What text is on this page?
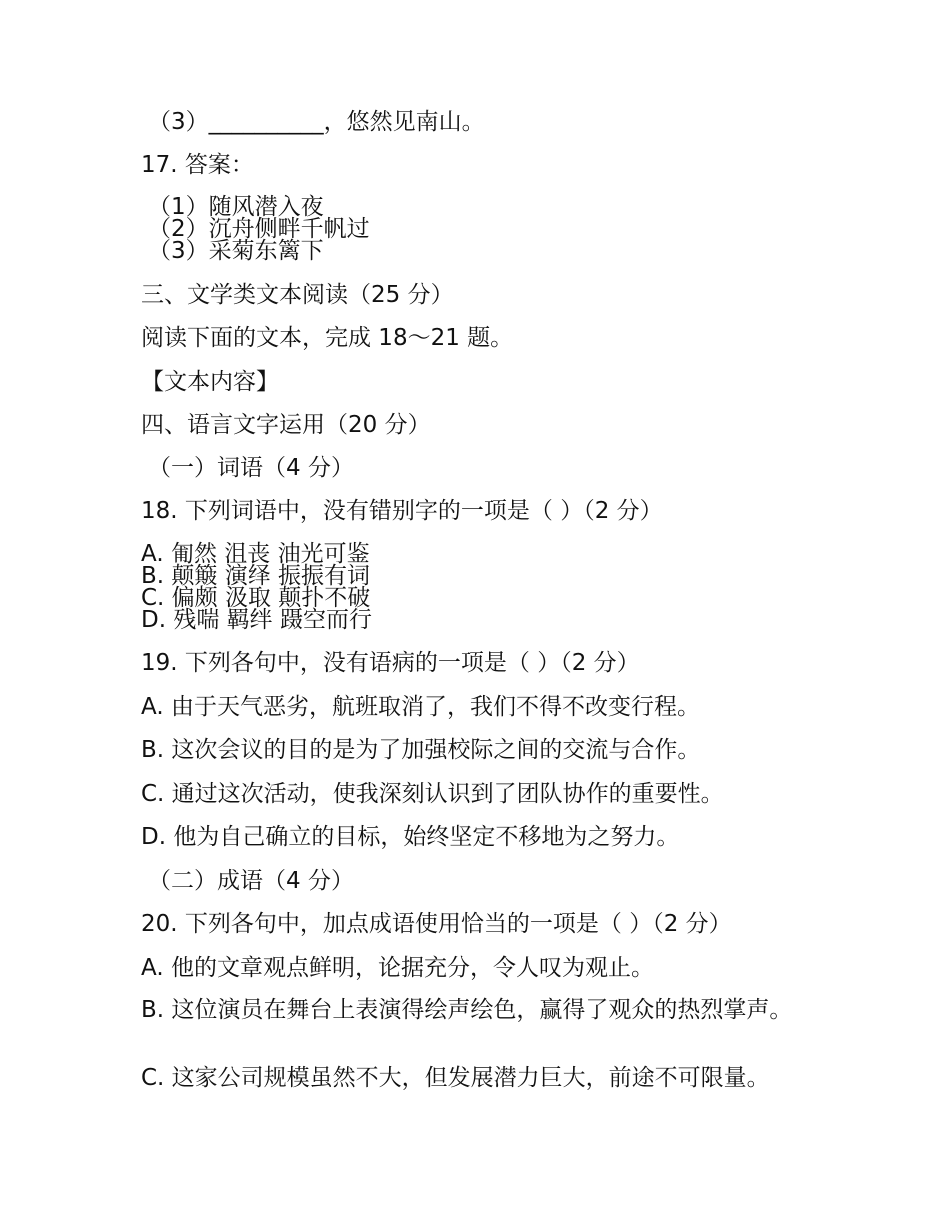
（3）__________，悠然见南山。
17. 答案：
（1）随风潜入夜
（2）沉舟侧畔千帆过
（3）采菊东篱下
三、文学类文本阅读（25 分）
阅读下面的文本，完成 18～21 题。
【文本内容】
四、语言文字运用（20 分）
（一）词语（4 分）
18. 下列词语中，没有错别字的一项是（ ）（2 分）
A. 匍然 沮丧 油光可鉴
B. 颠簸 演绎 振振有词
C. 偏颇 汲取 颠扑不破
D. 残喘 羁绊 蹑空而行
19. 下列各句中，没有语病的一项是（ ）（2 分）
A. 由于天气恶劣，航班取消了，我们不得不改变行程。
B. 这次会议的目的是为了加强校际之间的交流与合作。
C. 通过这次活动，使我深刻认识到了团队协作的重要性。
D. 他为自己确立的目标，始终坚定不移地为之努力。
（二）成语（4 分）
20. 下列各句中，加点成语使用恰当的一项是（ ）（2 分）
A. 他的文章观点鲜明，论据充分，令人叹为观止。
B. 这位演员在舞台上表演得绘声绘色，赢得了观众的热烈掌声。
C. 这家公司规模虽然不大，但发展潜力巨大，前途不可限量。
